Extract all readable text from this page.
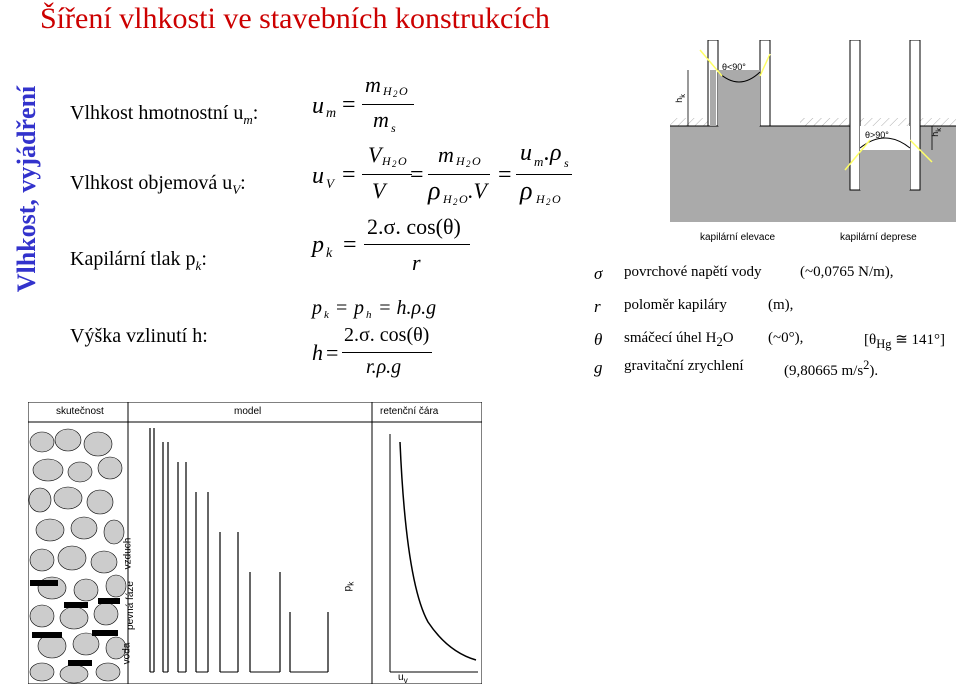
Šíření vlhkosti ve stavebních konstrukcích
Vlhkost, vyjádření Vlhkost hmotnostní $u_m$:
Vlhkost objemová $u_V$:
Kapilární tlak $p_k$:
Výška vzlinutí h:
u m =
m H 2 O
m s
u V =
V H 2 O
V
=
m H 2 O
ρ H 2 O .V
=
u m .ρ s
ρ H 2 O
p k =
2.σ. cos(θ)
r
p k = p h = h.ρ.g
h =
2.σ. cos(θ)
r.ρ.g
θ<90°
θ>90°
$h_k$
$h_k$
kapilární elevace	kapilární deprese
σ povrchové napětí vody	(~0,0765 N/m),
r poloměr kapiláry	(m),
θ smáčecí úhel $H_2O$ (~0°),	[$\theta_{Hg}$ ≅ 141°]
g gravitační zrychlení	(9,80665 $m/s^2$).
skutečnost	model	retenční čára
voda
pevná fáze
vzduch
$p_k$
$u_v$
